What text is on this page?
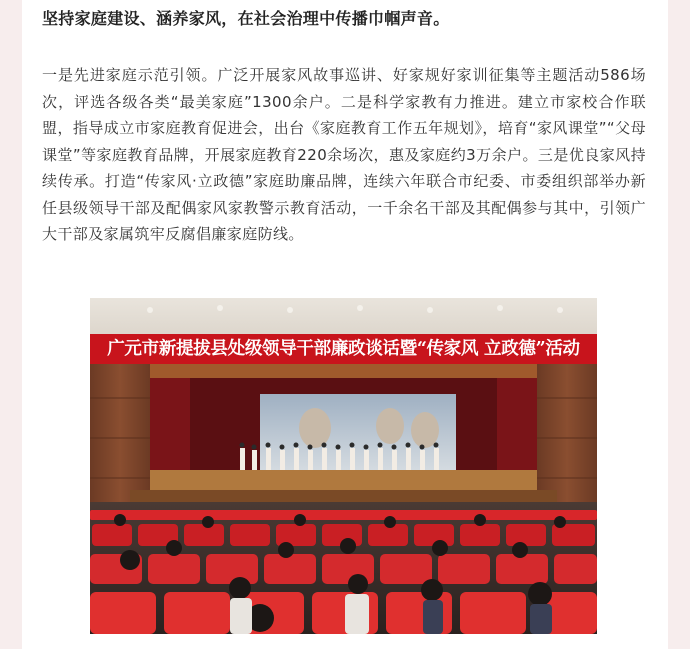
坚持家庭建设、涵养家风，在社会治理中传播巾帼声音。
一是先进家庭示范引领。广泛开展家风故事巡讲、好家规好家训征集等主题活动586场次，评选各级各类“最美家庭”1300余户。二是科学家教有力推进。建立市家校合作联盟，指导成立市家庭教育促进会，出台《家庭教育工作五年规划》，培育“家风课堂”“父母课堂”等家庭教育品牌，开展家庭教育220余场次，惠及家庭约3万余户。三是优良家风持续传承。打造“传家风·立政德”家庭助廉品牌，连续六年联合市纪委、市委组织部举办新任县级领导干部及配偶家风家教警示教育活动，一千余名干部及其配偶参与其中，引领广大干部及家属筑牢反腐倡廉家庭防线。
广元市新提拔县处级领导干部廉政谈话暨“传家风 立政德”活动
